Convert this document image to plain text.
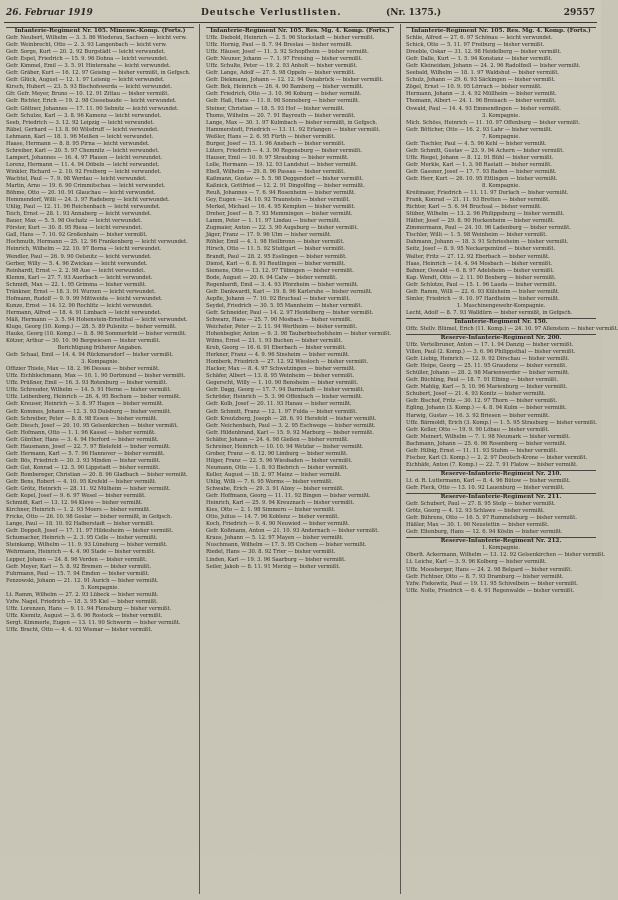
26. Februar 1919	Deutsche Verlustlisten.	(Nr. 1375.)	29557
Infanterie-Regiment Nr. 105. Minenw.-Komp. (Forts.)
Gefr. Neubert, Wilhelm — 3. 3. 86 Wiederau, Sachsen — leicht verw.
Gefr. Weinbrecht, Otto — 2. 3. 93 Langenbach — leicht verw.
Gefr. Sorge, Kurt — 20. 2. 92 Burgstädt — leicht verwundet.
Gefr. Espel, Friedrich — 15. 9. 96 Dohna — leicht verwundet.
Gefr. Kimmel, Emil — 3. 5. 91 Hinternahe — leicht verwundet.
Gefr. Gräber, Kurt — 16. 12. 97 Geising — bisher vermißt, in Gefgsch.
Gefr. Glück, August — 12. 1. 97 Leisnig — leicht verwundet.
Kirsch, Hubert — 23. 5. 93 Bischofswerda — leicht verwundet.
Gfr. Gefr. Meyer, Bruno — 10. 12. 91 Zittau — bisher vermißt.
Gefr. Richter, Erich — 19. 2. 98 Cossebaude — leicht verwundet.
Gefr. Göttner, Johannes — 17. 11. 90 Sebnitz — leicht verwundet.
Gefr. Schulze, Karl — 3. 8. 96 Kamenz — leicht verwundet.
Seeb, Friedrich — 3. 12. 92 Leipzig — leicht verwundet.
Räbel, Gerhard — 13. 8. 90 Wilsdruff — leicht verwundet.
Lehmann, Karl — 18. 1. 96 Meißen — leicht verwundet.
Haase, Hermann — 8. 8. 95 Pirna — leicht verwundet.
Schreiber, Karl — 20. 5. 97 Chemnitz — leicht verwundet.
Lampert, Johannes — 16. 4. 97 Plauen — leicht verwundet.
Lorenz, Hermann — 11. 4. 94 Döbeln — leicht verwundet.
Winkler, Richard — 2. 10. 92 Freiberg — leicht verwundet.
Wachtel, Paul — 7. 9. 98 Werdau — leicht verwundet.
Martin, Arno — 19. 6. 90 Crimmitschau — leicht verwundet.
Böhme, Otto — 20. 10. 91 Glauchau — leicht verwundet.
Hemmendorf, Willi — 24. 3. 97 Radeberg — leicht verwundet.
Uhlig, Paul — 12. 11. 96 Reichenbach — leicht verwundet.
Teich, Ernst — 28. 1. 93 Annaberg — leicht verwundet.
Bauer, Max — 5. 5. 98 Oschatz — leicht verwundet.
Förster, Kurt — 30. 8. 95 Riesa — leicht verwundet.
Gall, Hans — 7. 10. 92 Großenhain — bisher vermißt.
Hochmuth, Hermann — 25. 12. 96 Frankenberg — leicht verwundet.
Heinrich, Wilhelm — 22. 10. 97 Borna — leicht verwundet.
Wendler, Paul — 26. 9. 90 Oelsnitz — leicht verwundet.
Gerber, Willy — 5. 4. 96 Zwickau — leicht verwundet.
Reinhardt, Ernst — 2. 2. 98 Aue — leicht verwundet.
Klemm, Karl — 27. 7. 93 Auerbach — leicht verwundet.
Schmidt, Max — 22. 1. 95 Grimma — bisher vermißt.
Tränkner, Ernst — 18. 3. 91 Wurzen — leicht verwundet.
Hofmann, Rudolf — 9. 9. 99 Mittweida — leicht verwundet.
Kunze, Ernst — 14. 12. 90 Rochlitz — leicht verwundet.
Hermann, Alfred — 18. 4. 91 Limbach — leicht verwundet.
Mäß, Hermann — 3. 5. 94 Hohenstein-Ernstthal — leicht verwundet.
Kluge, Georg (10. Komp.) — 28. 5. 89 Pulsnitz — bisher vermißt.
Hauke, Georg (10. Komp.) — 8. 8. 96 Sommerfeld — bisher vermißt.
Kötzer, Arthur — 30. 10. 90 Bergwiesen — bisher vermißt.
Berichtigung früherer Angaben.
Gefr. Schaal, Emil — 14. 4. 94 Rückmarsdorf — bisher vermißt.
3. Kompagnie.
Offizier Thiele, Max — 18. 2. 96 Dessau — bisher vermißt.
Uffz. Eichblochmann, Max — 10. 1. 90 Dortmund — bisher vermißt.
Uffz. Prüßner, Emil — 16. 3. 93 Rotenburg — bisher vermißt.
Uffz. Schreuder, Wilhelm — 14. 5. 91 Herne — bisher vermißt.
Uffz. Leibenberg, Heinrich — 26. 4. 95 Bochum — bisher vermißt.
Gefr. Kreuser, Heinrich — 3. 8. 97 Hagen — bisher vermißt.
Gefr. Kommes, Johann — 12. 3. 93 Duisburg — bisher vermißt.
Gefr. Schreiber, Peter — 8. 8. 98 Essen — bisher vermißt.
Gefr. Diesch, Josef — 20. 10. 95 Gelsenkirchen — bisher vermißt.
Gefr. Hofmann, Otto — 1. 1. 96 Kassel — bisher vermißt.
Gefr. Günther, Hans — 3. 4. 94 Herford — bisher vermißt.
Gefr. Hausmann, Josef — 22. 7. 97 Bielefeld — bisher vermißt.
Gefr. Hermann, Karl — 5. 7. 96 Hannover — bisher vermißt.
Gefr. Bös, Friedrich — 30. 3. 93 Minden — bisher vermißt.
Gefr. Gut, Konrad — 12. 5. 90 Lippstadt — bisher vermißt.
Gefr. Rombereger, Christian — 20. 8. 96 Gladbach — bisher vermißt.
Gefr. Bens, Robert — 4. 10. 95 Krefeld — bisher vermißt.
Gefr. Grötz, Heinrich — 28. 11. 92 Mülheim — bisher vermißt.
Gefr. Kepel, Josef — 9. 6. 97 Wesel — bisher vermißt.
Schmidt, Karl — 13. 12. 94 Kleve — bisher vermißt.
Kirchner, Heinrich — 1. 2. 93 Moers — bisher vermißt.
Fricke, Otto — 26. 10. 98 Goslar — bisher vermißt, in Gefgsch.
Lange, Paul — 18. 10. 92 Halberstadt — bisher vermißt.
Gefr. Doppelt, Josef — 17. 11. 97 Hildesheim — bisher vermißt.
Schumacher, Heinrich — 2. 3. 95 Celle — bisher vermißt.
Steinkamp, Wilhelm — 11. 9. 93 Lüneburg — bisher vermißt.
Wehrmann, Heinrich — 4. 4. 90 Stade — bisher vermißt.
Lepper, Johann — 24. 8. 96 Verden — bisher vermißt.
Gefr. Meyer, Karl — 5. 8. 92 Bremen — bisher vermißt.
Fuhrmann, Paul — 15. 7. 94 Emden — bisher vermißt.
Fenzowski, Johann — 21. 12. 91 Aurich — bisher vermißt.
5. Kompagnie.
Lt. Ramm, Wilhelm — 27. 2. 93 Lübeck — bisher vermißt.
Vzfw. Nagel, Friedrich — 18. 3. 95 Kiel — bisher vermißt.
Uffz. Lorenzen, Hans — 9. 11. 94 Flensburg — bisher vermißt.
Uffz. Kiemitz, August — 3. 6. 96 Rostock — bisher vermißt.
Sergt. Kimmerle, Eugen — 13. 11. 90 Schwerin — bisher vermißt.
Uffz. Bracht, Otto — 4. 4. 93 Wismar — bisher vermißt.
Infanterie-Regiment Nr. 105. Res. Mg. 4. Komp. (Forts.)
Uffz. Diebold, Heinrich — 2. 5. 96 Stockstadt — bisher vermißt.
Uffz. Hornig, Paul — 8. 7. 94 Breslau — bisher vermißt.
Uffz. Häuser, Josef — 11. 3. 92 Schopfheim — bisher vermißt.
Gefr. Neuner, Johann — 7. 1. 97 Freising — bisher vermißt.
Uffz. Schulte, Peter — 19. 2. 93 Anholt — bisher vermißt.
Gefr. Lange, Adolf — 27. 5. 98 Oppeln — bisher vermißt.
Gefr. Diekmann, Johann — 12. 12. 94 Osnabrück — bisher vermißt.
Gefr. Bek, Heinrich — 26. 4. 90 Bamberg — bisher vermißt.
Gefr. Friedrich, Otto — 3. 10. 96 Koburg — bisher vermißt.
Gefr. Haß, Hans — 11. 8. 98 Sonneberg — bisher vermißt.
Steiner, Christian — 18. 5. 93 Hof — bisher vermißt.
Thoms, Wilhelm — 20. 7. 91 Bayreuth — bisher vermißt.
Lange, Max — 30. 1. 97 Kulmbach — bisher vermißt, in Gefgsch.
Hammerstedt, Friedrich — 13. 11. 92 Erlangen — bisher vermißt.
Weßler, Hans — 2. 6. 95 Fürth — bisher vermißt.
Burger, Josef — 15. 1. 96 Ansbach — bisher vermißt.
Lüters, Friedrich — 4. 3. 90 Regensburg — bisher vermißt.
Hauser, Emil — 10. 9. 97 Straubing — bisher vermißt.
Lolle, Hermann — 19. 12. 93 Landshut — bisher vermißt.
Ebell, Wilhelm — 29. 8. 96 Passau — bisher vermißt.
Kaßmann, Gustav — 5. 5. 98 Deggendorf — bisher vermißt.
Kaßnick, Gottfried — 12. 2. 91 Dingolfing — bisher vermißt.
Reuß, Johannes — 7. 6. 94 Rosenheim — bisher vermißt.
Gey, Eugen — 24. 10. 92 Traunstein — bisher vermißt.
Merkel, Michael — 16. 4. 95 Kempten — bisher vermißt.
Dreher, Josef — 8. 7. 93 Memmingen — bisher vermißt.
Lamm, Peter — 1. 11. 97 Lindau — bisher vermißt.
Zugmaier, Anton — 22. 3. 90 Augsburg — bisher vermißt.
Jäger, Franz — 17. 9. 96 Ulm — bisher vermißt.
Röhler, Emil — 4. 1. 98 Heilbronn — bisher vermißt.
Hirsch, Otto — 11. 5. 92 Stuttgart — bisher vermißt.
Brandt, Paul — 28. 2. 95 Esslingen — bisher vermißt.
Dienst, Karl — 6. 8. 91 Reutlingen — bisher vermißt.
Siemens, Otto — 13. 12. 97 Tübingen — bisher vermißt.
Bode, August — 20. 6. 94 Calw — bisher vermißt.
Regenhardt, Emil — 3. 4. 93 Pforzheim — bisher vermißt.
Gefr. Dankwardt, Karl — 19. 8. 96 Karlsruhe — bisher vermißt.
Aepfle, Johann — 7. 10. 92 Bruchsal — bisher vermißt.
Seydel, Friedrich — 30. 5. 95 Mannheim — bisher vermißt.
Gefr. Schneider, Paul — 14. 2. 97 Heidelberg — bisher vermißt.
Schwarz, Hans — 25. 7. 90 Mosbach — bisher vermißt.
Weicheler, Peter — 2. 11. 94 Wertheim — bisher vermißt.
Hohenbegler, Anton — 9. 3. 98 Tauberbischofsheim — bisher vermißt.
Wilms, Ernst — 21. 1. 93 Buchen — bisher vermißt.
Kreb, Georg — 16. 6. 91 Eberbach — bisher vermißt.
Herkner, Franz — 4. 9. 96 Sinsheim — bisher vermißt.
Homberk, Friedrich — 27. 12. 92 Wiesloch — bisher vermißt.
Hacker, Max — 8. 4. 97 Schwetzingen — bisher vermißt.
Schäfer, Albert — 13. 8. 95 Weinheim — bisher vermißt.
Gegerscht, Willy — 1. 10. 90 Bensheim — bisher vermißt.
Gefr. Dagg, Georg — 17. 7. 94 Darmstadt — bisher vermißt.
Schröder, Heinrich — 5. 3. 96 Offenbach — bisher vermißt.
Gefr. Kolb, Josef — 20. 11. 93 Hanau — bisher vermißt.
Gefr. Schmitt, Franz — 12. 1. 97 Fulda — bisher vermißt.
Gefr. Kreutzberg, Joseph — 28. 6. 91 Hersfeld — bisher vermißt.
Gefr. Neichenbach, Paul — 3. 2. 95 Eschwege — bisher vermißt.
Gefr. Hildenbrand, Karl — 15. 9. 92 Marburg — bisher vermißt.
Schäfer, Johann — 24. 4. 98 Gießen — bisher vermißt.
Schreiner, Heinrich — 10. 10. 94 Wetzlar — bisher vermißt.
Grober, Franz — 6. 12. 90 Limburg — bisher vermißt.
Hilger, Franz — 22. 5. 96 Wiesbaden — bisher vermißt.
Neumann, Otto — 1. 8. 93 Biebrich — bisher vermißt.
Keller, August — 18. 2. 97 Mainz — bisher vermißt.
Uhlig, Willi — 7. 6. 95 Worms — bisher vermißt.
Schwabe, Erich — 29. 3. 91 Alzey — bisher vermißt.
Gefr. Hoffmann, Georg — 11. 11. 92 Bingen — bisher vermißt.
Heinrich, Karl — 25. 9. 94 Kreuznach — bisher vermißt.
Kies, Otto — 2. 1. 98 Simmern — bisher vermißt.
Otto, Julius — 14. 7. 96 Koblenz — bisher vermißt.
Koch, Friedrich — 9. 4. 90 Neuwied — bisher vermißt.
Gefr. Koßmann, Anton — 21. 10. 93 Andernach — bisher vermißt.
Kraus, Johann — 5. 12. 97 Mayen — bisher vermißt.
Nuschmann, Wilhelm — 17. 5. 95 Cochem — bisher vermißt.
Riedel, Hans — 30. 8. 92 Trier — bisher vermißt.
Linden, Karl — 19. 3. 96 Saarburg — bisher vermißt.
Seiler, Jakob — 8. 11. 91 Merzig — bisher vermißt.
Infanterie-Regiment Nr. 105. Res. Mg. 4. Komp. (Forts.)
Schlie, Alfred — 27. 6. 97 Schönau — leicht verwundet.
Schick, Otto — 5. 11. 97 Freiburg — bisher vermißt.
Dreeble, Oskar — 31. 12. 98 Heidelberg — bisher vermißt.
Gefr. Dalle, Kurt — 1. 5. 94 Konstanz — bisher vermißt.
Gefr. Kleineidam, Johann — 24. 2. 96 Radolfzell — bisher vermißt.
Seebald, Wilhelm — 18. 1. 97 Waldshut — bisher vermißt.
Schulz, Johann — 29. 6. 93 Säckingen — bisher vermißt.
Zögel, Ernst — 10. 9. 95 Lörrach — bisher vermißt.
Hermann, Johann — 3. 4. 92 Müllheim — bisher vermißt.
Thomann, Albert — 24. 1. 96 Breisach — bisher vermißt.
Oswald, Paul — 14. 4. 93 Emmendingen — bisher vermißt.
3. Kompagnie.
Mich. Schöss, Heinrich — 11. 10. 97 Offenburg — bisher vermißt.
Gefr. Böttcher, Otto — 16. 2. 93 Lahr — bisher vermißt.
7. Kompagnie.
Gefr. Tischler, Paul — 4. 5. 96 Kehl — bisher vermißt.
Gefr. Schmitt, Gustav — 23. 9. 94 Achern — bisher vermißt.
Uffz. Riegel, Johann — 8. 12. 91 Bühl — bisher vermißt.
Gefr. Merkle, Karl — 1. 3. 98 Rastatt — bisher vermißt.
Gefr. Gassner, Josef — 17. 7. 93 Baden — bisher vermißt.
Gefr. Herr, Kurt — 26. 10. 95 Ettlingen — bisher vermißt.
8. Kompagnie.
Kreitmaier, Friedrich — 11. 11. 97 Durlach — bisher vermißt.
Frank, Konrad — 21. 11. 93 Bretten — bisher vermißt.
Richter, Karl — 5. 6. 94 Bruchsal — bisher vermißt.
Stüber, Wilhelm — 13. 2. 96 Philippsburg — bisher vermißt.
Hätter, Josef — 29. 8. 90 Hockenheim — bisher vermißt.
Zimmermann, Paul — 24. 10. 96 Ladenburg — bisher vermißt.
Tischler, Willi — 1. 5. 98 Weinheim — bisher vermißt.
Dahmann, Johann — 18. 3. 91 Schriesheim — bisher vermißt.
Seitz, Josef — 8. 9. 95 Neckargemünd — bisher vermißt.
Walter, Fritz — 27. 12. 92 Eberbach — bisher vermißt.
Haas, Heinrich — 14. 4. 94 Mosbach — bisher vermißt.
Bahner, Oswald — 6. 8. 97 Adelsheim — bisher vermißt.
Kap. Wendt, Otto — 2. 11. 90 Boxberg — bisher vermißt.
Gefr. Schlotze, Paul — 15. 1. 96 Lauda — bisher vermißt.
Gefr. Ramm, Willi — 22. 6. 93 Külsheim — bisher vermißt.
Simler, Friedrich — 9. 10. 97 Hardheim — bisher vermißt.
1. Maschinengewehr-Kompagnie.
Lecht, Adolf — 8. 7. 93 Walldürn — bisher vermißt, in Gefgsch.
Infanterie-Regiment Nr. 150.
Offz. Stellv. Blümel, Erich (11. Komp.) — 24. 10. 97 Allenstein — bisher vermißt.
Reserve-Infanterie-Regiment Nr. 200.
Uffz. Vertelbruner, Anton — 17. 1. 94 Danzig — bisher vermißt.
Villen, Paul (2. Komp.) — 3. 6. 96 Philippsthal — bisher vermißt.
Gefr. Liebig, Heinrich — 12. 9. 92 Dirschau — bisher vermißt.
Gefr. Heipe, Georg — 25. 11. 95 Graudenz — bisher vermißt.
Schüller, Johann — 28. 2. 98 Marienwerder — bisher vermißt.
Gefr. Büchling, Paul — 18. 7. 91 Elbing — bisher vermißt.
Gefr. Mahlig, Karl — 5. 10. 96 Marienburg — bisher vermißt.
Schubert, Josef — 21. 4. 93 Konitz — bisher vermißt.
Gefr. Bischof, Fritz — 30. 12. 97 Thorn — bisher vermißt.
Egling, Johann (3. Komp.) — 4. 8. 94 Kulm — bisher vermißt.
Harwig, Gustav — 16. 3. 92 Briesen — bisher vermißt.
Uffz. Bärmoldt, Erich (3. Komp.) — 1. 5. 95 Strasburg — bisher vermißt.
Gefr. Keller, Otto — 19. 9. 90 Löbau — bisher vermißt.
Gefr. Meinert, Wilhelm — 7. 1. 98 Neumark — bisher vermißt.
Bachmann, Johann — 25. 6. 96 Rosenberg — bisher vermißt.
Gefr. Hilbig, Ernst — 11. 11. 93 Stuhm — bisher vermißt.
Fischer, Karl (3. Komp.) — 2. 2. 97 Deutsch-Krone — bisher vermißt.
Eichhäfe, Anton (7. Komp.) — 22. 7. 91 Flatow — bisher vermißt.
Reserve-Infanterie-Regiment Nr. 210.
Lt. d. R. Luttermann, Karl — 8. 4. 96 Bütow — bisher vermißt.
Gefr. Fleck, Otto — 13. 10. 92 Lauenburg — bisher vermißt.
Reserve-Infanterie-Regiment Nr. 211.
Gefr. Schubert, Paul — 27. 8. 95 Stolp — bisher vermißt.
Grötz, Georg — 4. 12. 93 Schlawe — bisher vermißt.
Gefr. Bührens, Otto — 16. 5. 97 Rummelsburg — bisher vermißt.
Häßler, Max — 30. 1. 90 Neustettin — bisher vermißt.
Gefr. Eltenburg, Hans — 12. 6. 94 Köslin — bisher vermißt.
Reserve-Infanterie-Regiment Nr. 212.
1. Kompagnie.
Oberlt. Ackermann, Wilhelm — 13. 12. 92 Gelsenkirchen — bisher vermißt.
Lt. Leiche, Karl — 3. 9. 96 Kolberg — bisher vermißt.
Uffz. Moosberger, Hans — 24. 2. 98 Belgard — bisher vermißt.
Gefr. Fichtner, Otto — 8. 7. 93 Dramburg — bisher vermißt.
Vzfw. Fiekewitz, Paul — 19. 11. 95 Schivelbein — bisher vermißt.
Uffz. Nolte, Friedrich — 6. 4. 91 Regenwalde — bisher vermißt.
